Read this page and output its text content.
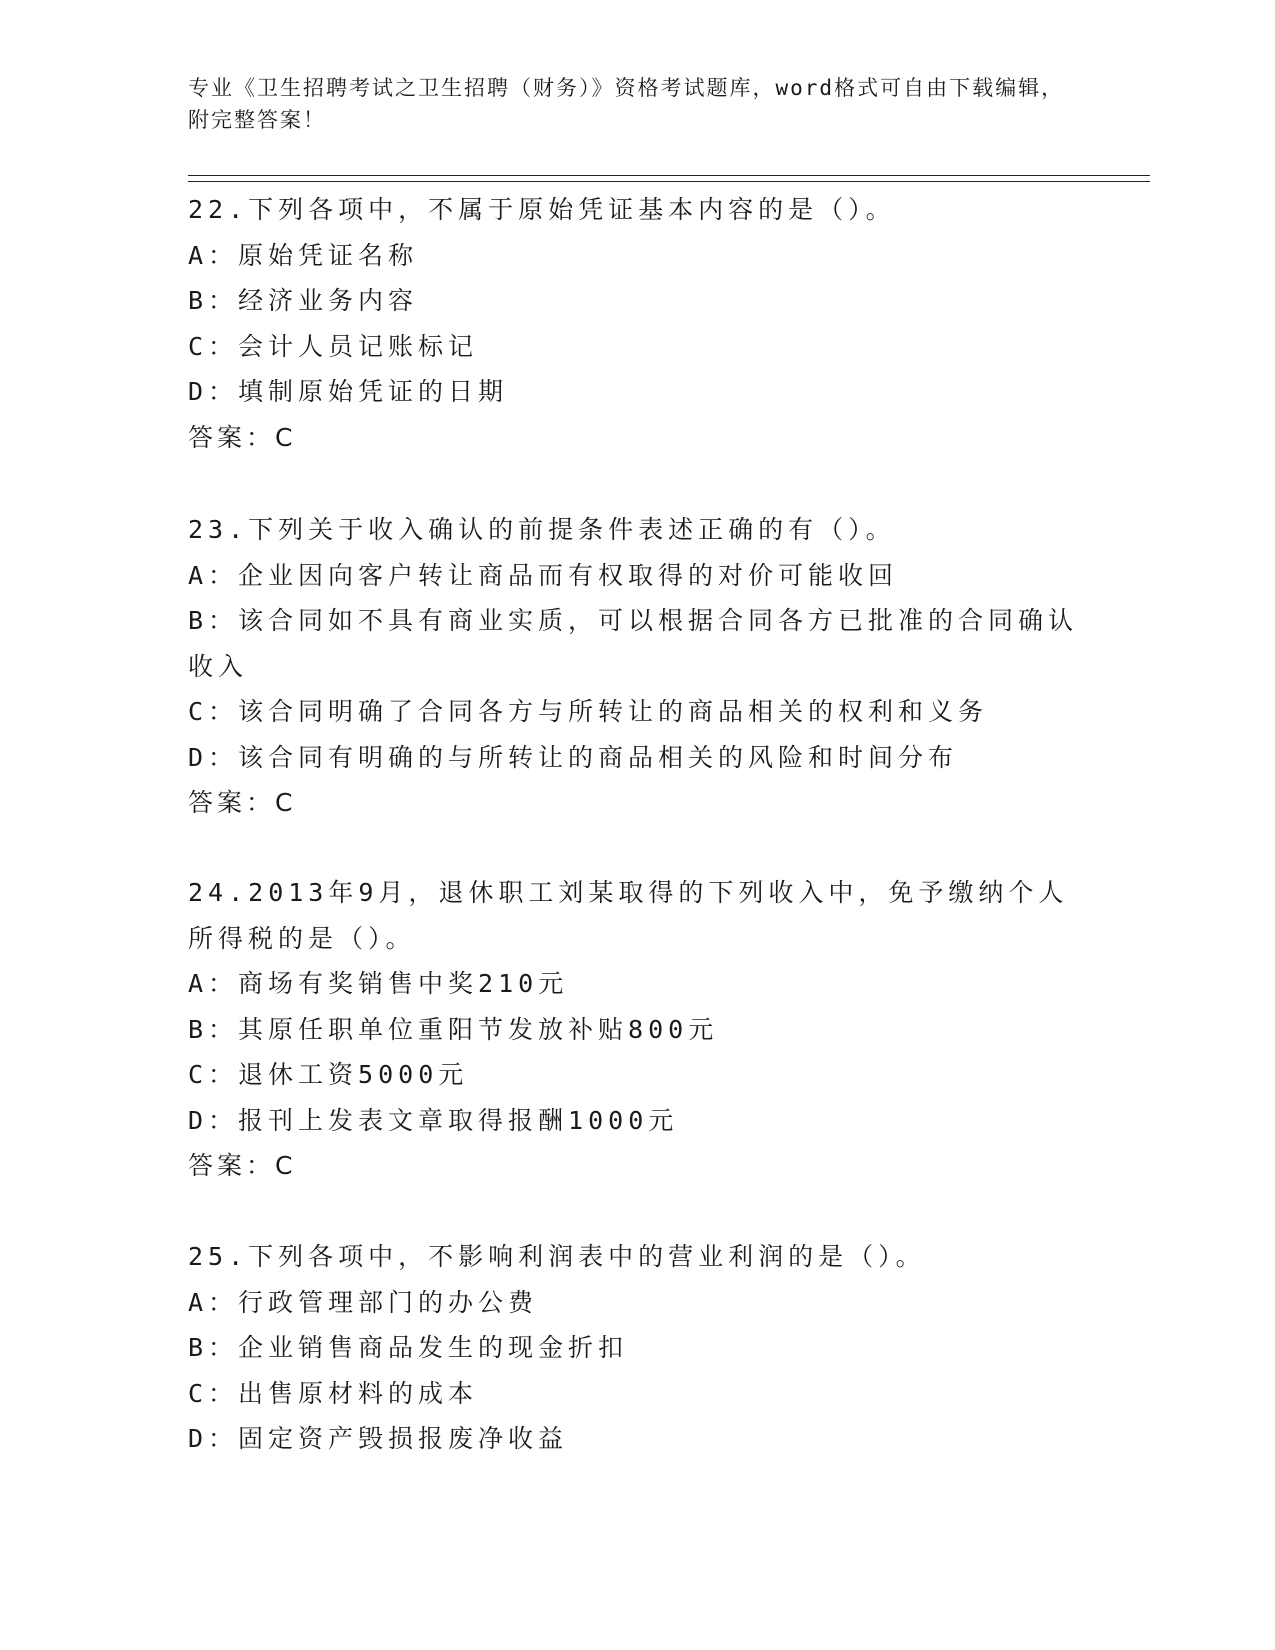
专业《卫生招聘考试之卫生招聘（财务）》资格考试题库，word格式可自由下载编辑，附完整答案！
22.下列各项中，不属于原始凭证基本内容的是（）。
A：原始凭证名称
B：经济业务内容
C：会计人员记账标记
D：填制原始凭证的日期
答案：C
23.下列关于收入确认的前提条件表述正确的有（）。
A：企业因向客户转让商品而有权取得的对价可能收回
B：该合同如不具有商业实质，可以根据合同各方已批准的合同确认收入
C：该合同明确了合同各方与所转让的商品相关的权利和义务
D：该合同有明确的与所转让的商品相关的风险和时间分布
答案：C
24.2013年9月，退休职工刘某取得的下列收入中，免予缴纳个人所得税的是（）。
A：商场有奖销售中奖210元
B：其原任职单位重阳节发放补贴800元
C：退休工资5000元
D：报刊上发表文章取得报酬1000元
答案：C
25.下列各项中，不影响利润表中的营业利润的是（）。
A：行政管理部门的办公费
B：企业销售商品发生的现金折扣
C：出售原材料的成本
D：固定资产毁损报废净收益
